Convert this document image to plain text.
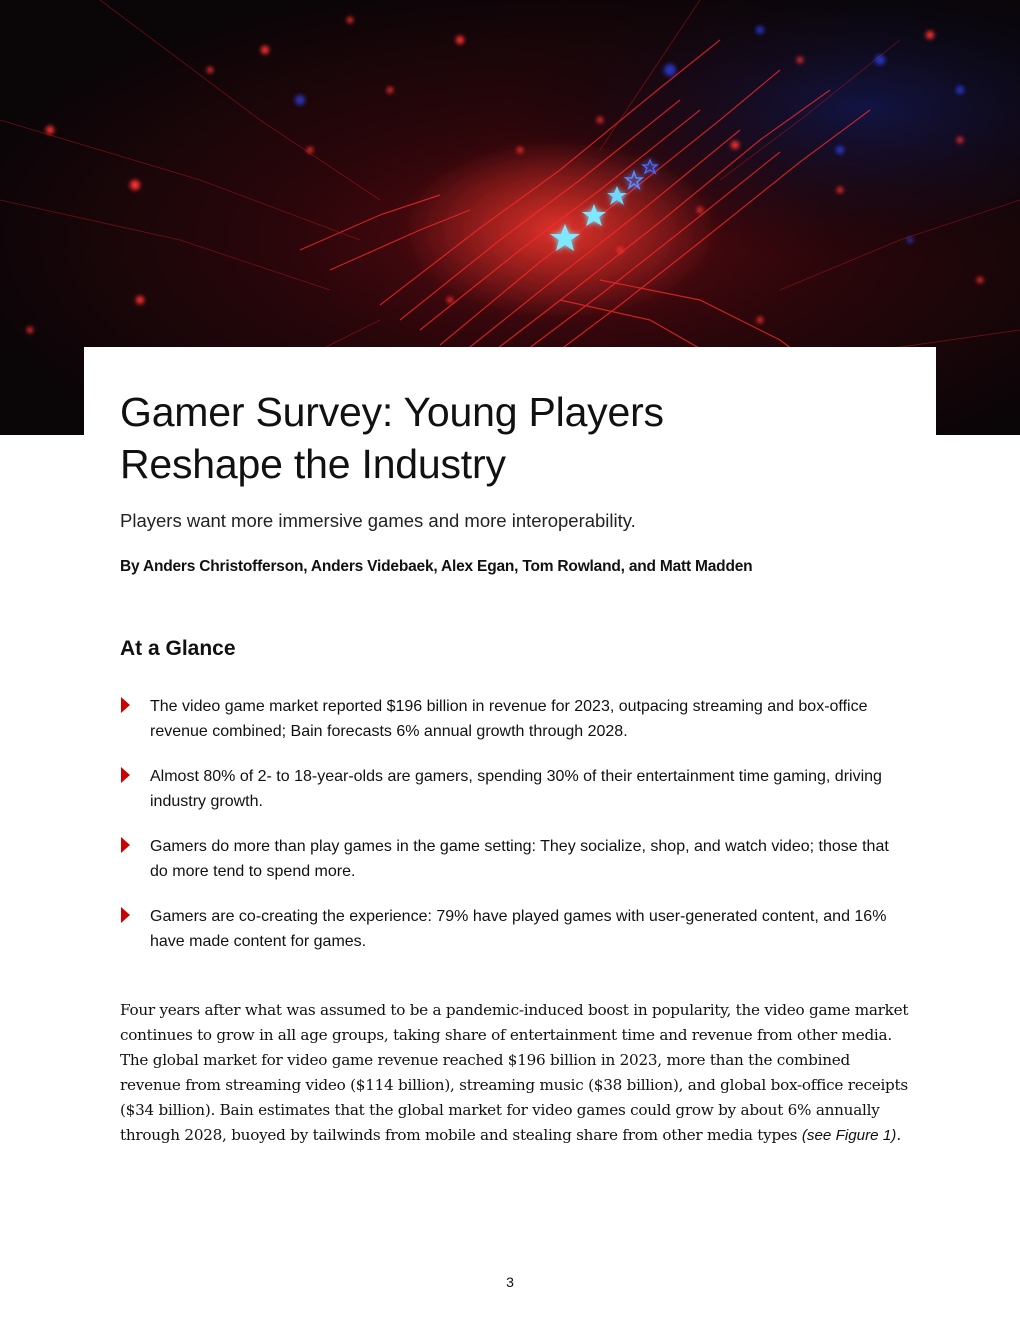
Gamer Survey: Young Players
Reshape the Industry

Players want more immersive games and more interoperability.

By Anders Christofferson, Anders Videbaek, Alex Egan, Tom Rowland, and Matt Madden

At a Glance
The video game market reported $196 billion in revenue for 2023, outpacing streaming and box-office revenue combined; Bain forecasts 6% annual growth through 2028.
Almost 80% of 2- to 18-year-olds are gamers, spending 30% of their entertainment time gaming, driving industry growth.
Gamers do more than play games in the game setting: They socialize, shop, and watch video; those that do more tend to spend more.
Gamers are co-creating the experience: 79% have played games with user-generated content, and 16% have made content for games.

Four years after what was assumed to be a pandemic-induced boost in popularity, the video game market continues to grow in all age groups, taking share of entertainment time and revenue from other media. The global market for video game revenue reached $196 billion in 2023, more than the combined revenue from streaming video ($114 billion), streaming music ($38 billion), and global box-office receipts ($34 billion). Bain estimates that the global market for video games could grow by about 6% annually through 2028, buoyed by tailwinds from mobile and stealing share from other media types (see Figure 1).

3
